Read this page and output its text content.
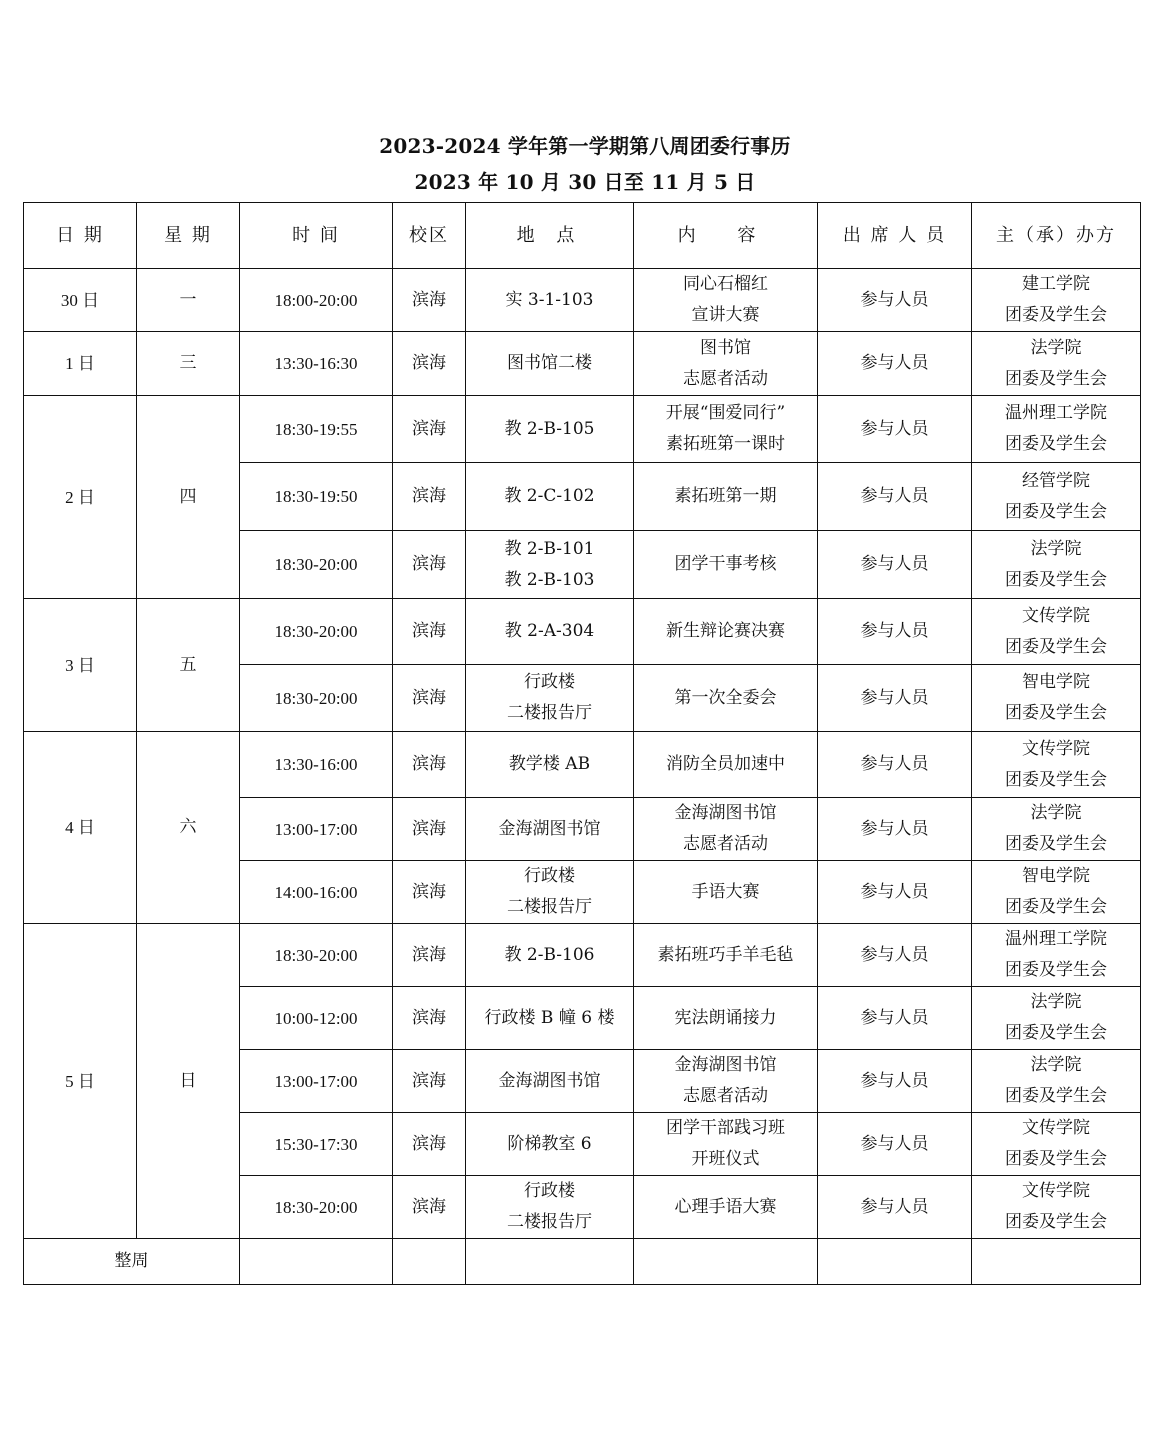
2023-2024 学年第一学期第八周团委行事历
2023 年 10 月 30 日至 11 月 5 日
日 期	星 期	时 间	校区	地 点	内 容	出 席 人 员	主（承）办方
30 日	一	18:00-20:00	滨海	实 3-1-103	同心石榴红
宣讲大赛	参与人员	建工学院
团委及学生会

1 日	三	13:30-16:30	滨海	图书馆二楼	图书馆
志愿者活动	参与人员	法学院
团委及学生会

2 日	四	18:30-19:55	滨海	教 2-B-105	开展“围爱同行”
素拓班第一课时	参与人员	温州理工学院
团委及学生会

		18:30-19:50	滨海	教 2-C-102	素拓班第一期	参与人员	经管学院
团委及学生会

		18:30-20:00	滨海	教 2-B-101
教 2-B-103	团学干事考核	参与人员	法学院
团委及学生会

3 日	五	18:30-20:00	滨海	教 2-A-304	新生辩论赛决赛	参与人员	文传学院
团委及学生会

		18:30-20:00	滨海	行政楼
二楼报告厅	第一次全委会	参与人员	智电学院
团委及学生会

4 日	六	13:30-16:00	滨海	教学楼 AB	消防全员加速中	参与人员	文传学院
团委及学生会

		13:00-17:00	滨海	金海湖图书馆	金海湖图书馆
志愿者活动	参与人员	法学院
团委及学生会

		14:00-16:00	滨海	行政楼
二楼报告厅	手语大赛	参与人员	智电学院
团委及学生会

5 日	日	18:30-20:00	滨海	教 2-B-106	素拓班巧手羊毛毡	参与人员	温州理工学院
团委及学生会

		10:00-12:00	滨海	行政楼 B 幢 6 楼	宪法朗诵接力	参与人员	法学院
团委及学生会

		13:00-17:00	滨海	金海湖图书馆	金海湖图书馆
志愿者活动	参与人员	法学院
团委及学生会

		15:30-17:30	滨海	阶梯教室 6	团学干部践习班
开班仪式	参与人员	文传学院
团委及学生会

		18:30-20:00	滨海	行政楼
二楼报告厅	心理手语大赛	参与人员	文传学院
团委及学生会

整周							
